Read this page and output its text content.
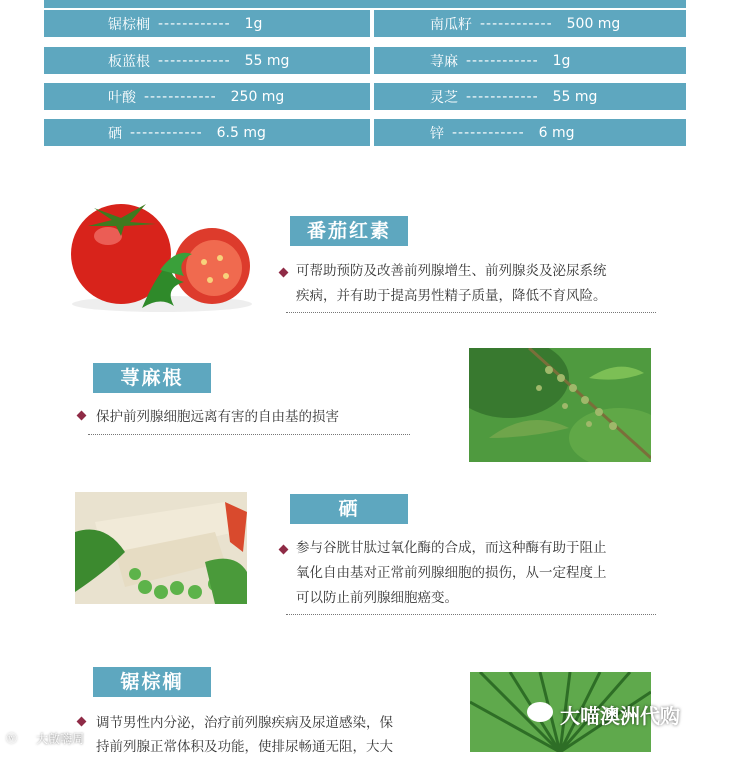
锯棕榈 ------------ 1g	南瓜籽 ------------ 500 mg
板蓝根 ------------ 55 mg	荨麻 ------------ 1g
叶酸 ------------ 250 mg	灵芝 ------------ 55 mg
硒 ------------ 6.5 mg	锌 ------------ 6 mg
番茄红素
可帮助预防及改善前列腺增生、前列腺炎及泌尿系统
疾病，并有助于提高男性精子质量，降低不育风险。
荨麻根
保护前列腺细胞远离有害的自由基的损害
硒
参与谷胱甘肽过氧化酶的合成，而这种酶有助于阻止
氧化自由基对正常前列腺细胞的损伤，从一定程度上
可以防止前列腺细胞癌变。
锯棕榈
调节男性内分泌，治疗前列腺疾病及尿道感染，保
持前列腺正常体积及功能，使排尿畅通无阻，大大
大喵澳洲代购
ⓦ 大啟嗨周
